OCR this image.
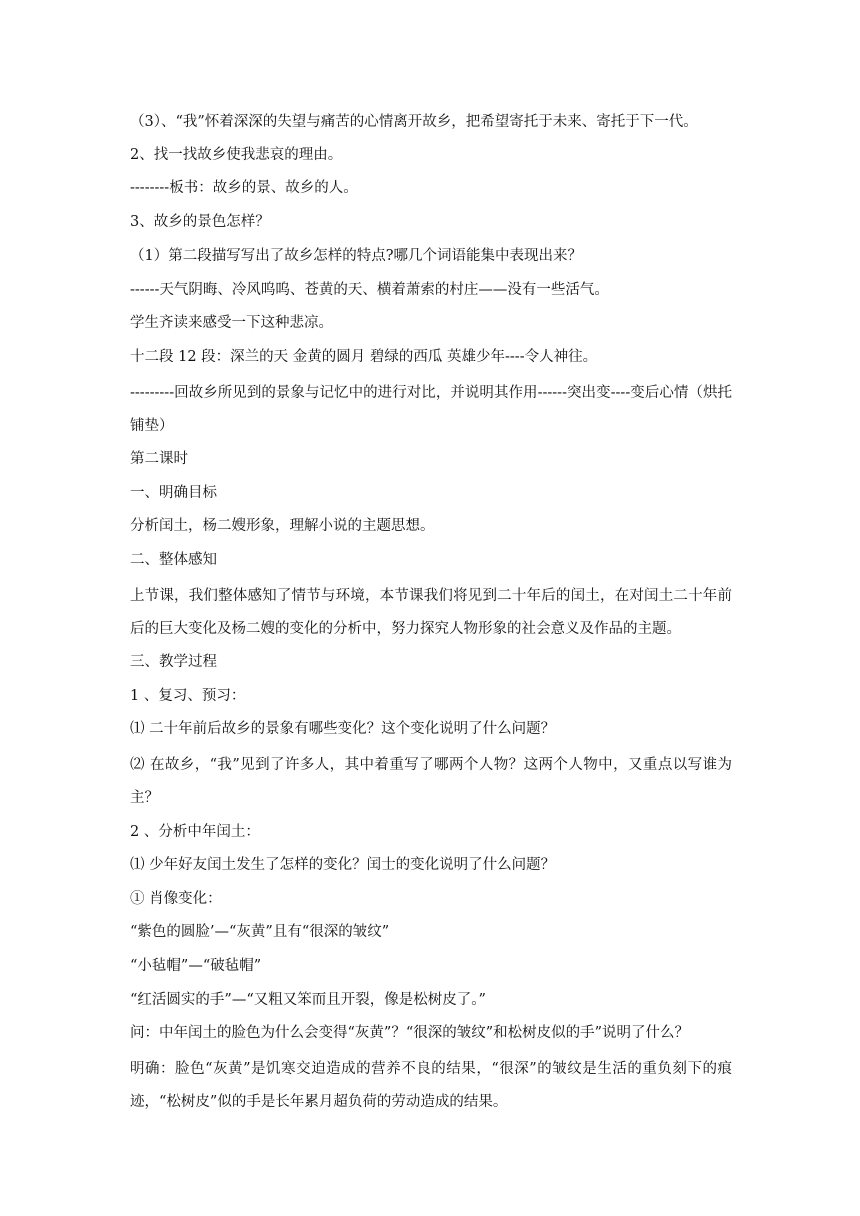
（3）、“我”怀着深深的失望与痛苦的心情离开故乡，把希望寄托于未来、寄托于下一代。
2、找一找故乡使我悲哀的理由。
--------板书：故乡的景、故乡的人。
3、故乡的景色怎样？
（1）第二段描写写出了故乡怎样的特点?哪几个词语能集中表现出来？
------天气阴晦、冷风呜呜、苍黄的天、横着萧索的村庄——没有一些活气。
学生齐读来感受一下这种悲凉。
十二段 12 段：深兰的天 金黄的圆月 碧绿的西瓜 英雄少年----令人神往。
---------回故乡所见到的景象与记忆中的进行对比，并说明其作用------突出变----变后心情（烘托铺垫）
第二课时
一、明确目标
分析闰土，杨二嫂形象，理解小说的主题思想。
二、整体感知
上节课，我们整体感知了情节与环境，本节课我们将见到二十年后的闰土，在对闰土二十年前后的巨大变化及杨二嫂的变化的分析中，努力探究人物形象的社会意义及作品的主题。
三、教学过程
1 、复习、预习：
⑴ 二十年前后故乡的景象有哪些变化？这个变化说明了什么问题？
⑵ 在故乡，“我”见到了许多人，其中着重写了哪两个人物？这两个人物中，又重点以写谁为主？
2 、分析中年闰土：
⑴ 少年好友闰土发生了怎样的变化？闰士的变化说明了什么问题？
① 肖像变化：
“紫色的圆脸’—“灰黄”且有“很深的皱纹”
“小毡帽”—“破毡帽”
“红活圆实的手”—“又粗又笨而且开裂，像是松树皮了。”
问：中年闰土的脸色为什么会变得“灰黄”？“很深的皱纹”和松树皮似的手”说明了什么？
明确：脸色“灰黄”是饥寒交迫造成的营养不良的结果，“很深”的皱纹是生活的重负刻下的痕迹，“松树皮”似的手是长年累月超负荷的劳动造成的结果。
